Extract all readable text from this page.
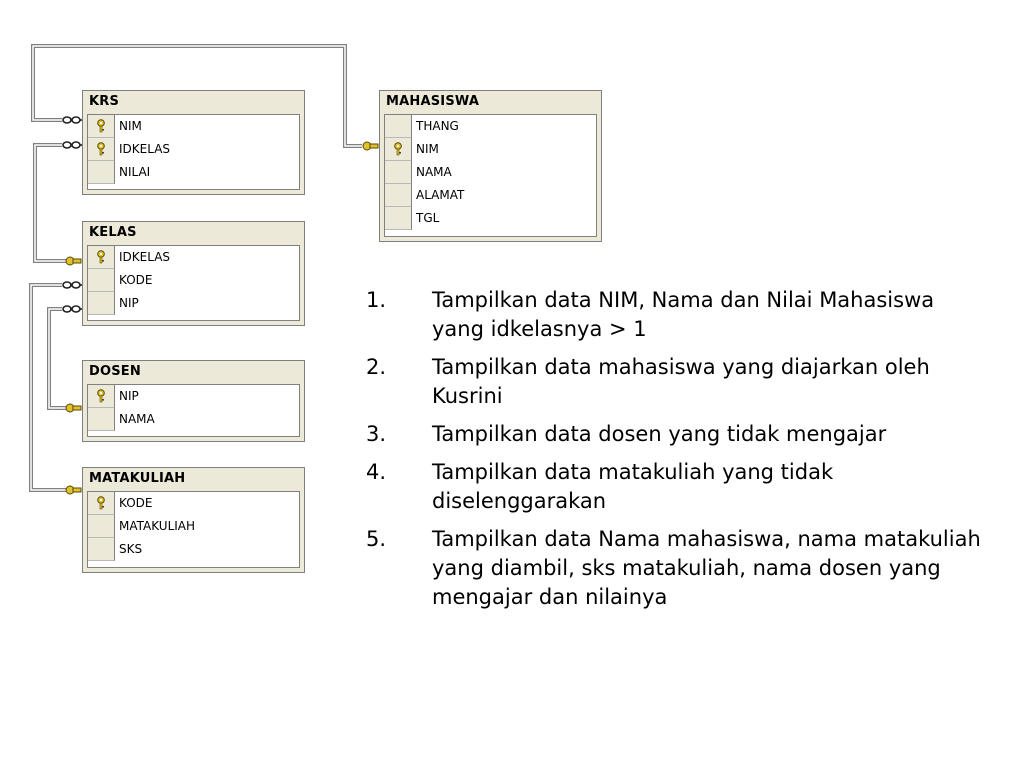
KRS
NIM
IDKELAS
NILAI
MAHASISWA
THANG
NIM
NAMA
ALAMAT
TGL
KELAS
IDKELAS
KODE
NIP
DOSEN
NIP
NAMA
MATAKULIAH
KODE
MATAKULIAH
SKS
1. Tampilkan data NIM, Nama dan Nilai Mahasiswa yang idkelasnya > 1
2. Tampilkan data mahasiswa yang diajarkan oleh Kusrini
3. Tampilkan data dosen yang tidak mengajar
4. Tampilkan data matakuliah yang tidak diselenggarakan
5. Tampilkan data Nama mahasiswa, nama matakuliah yang diambil, sks matakuliah, nama dosen yang mengajar dan nilainya
